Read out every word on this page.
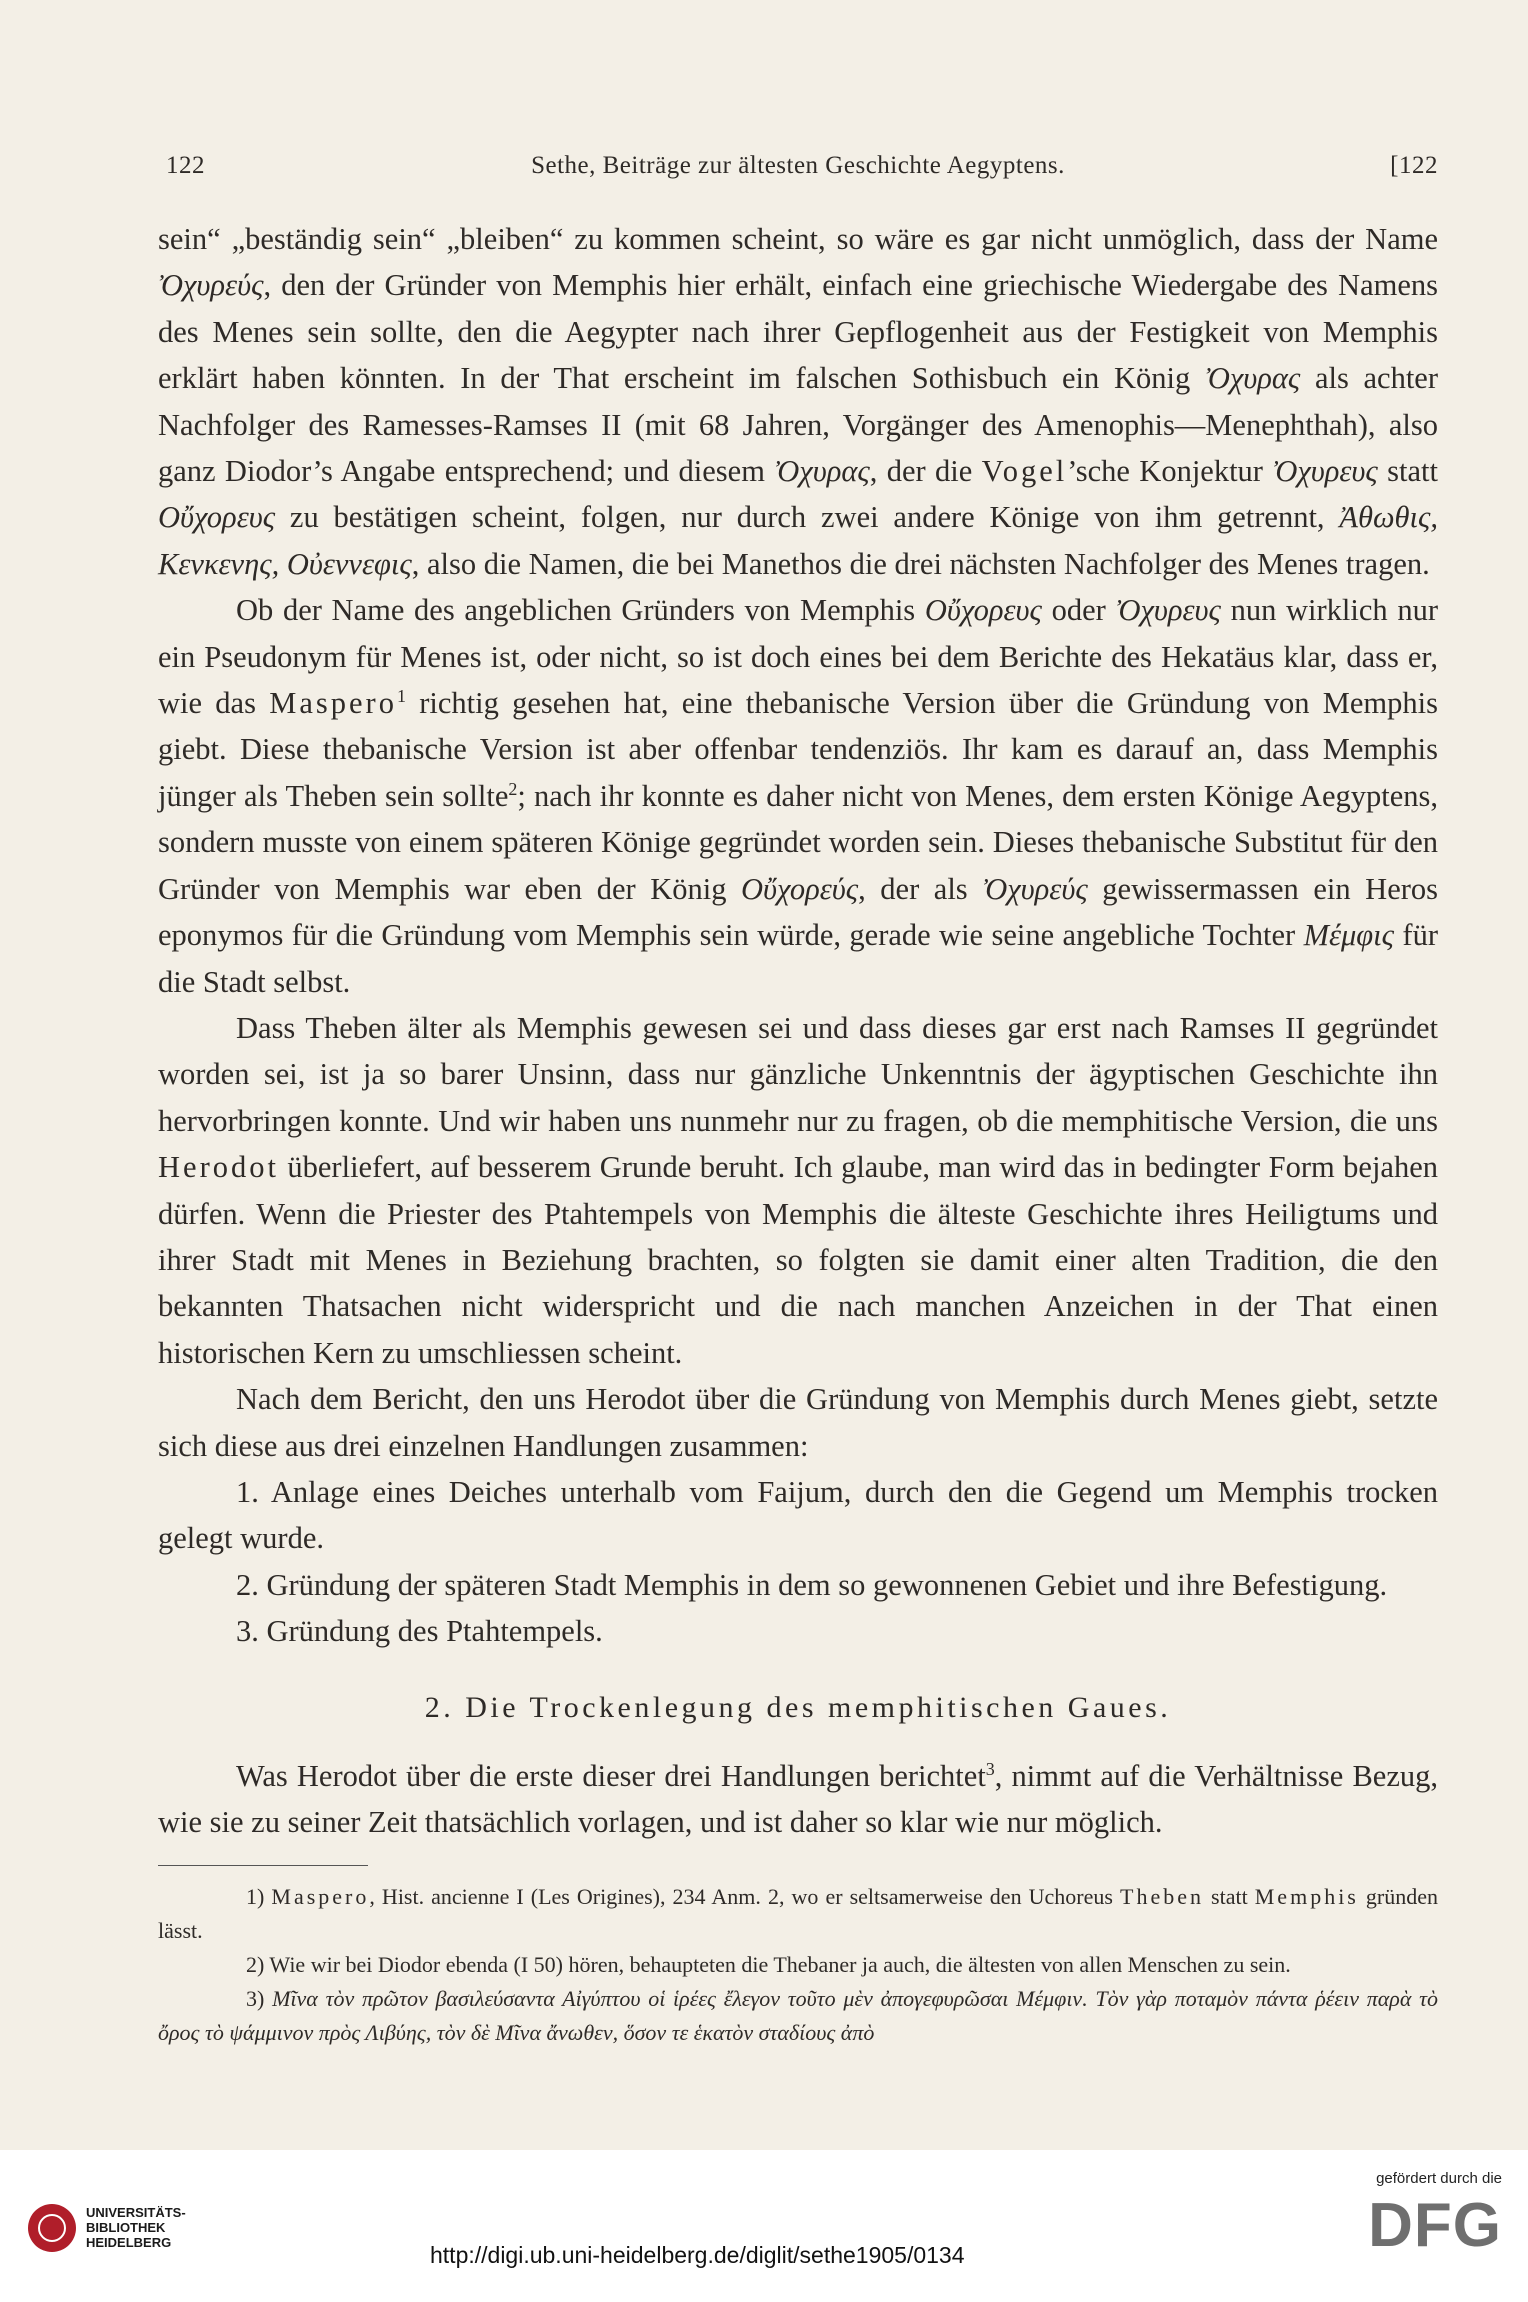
122	Sethe, Beiträge zur ältesten Geschichte Aegyptens.	[122

sein“ „beständig sein“ „bleiben“ zu kommen scheint, so wäre es gar nicht unmöglich, dass der Name Ὀχυρεύς, den der Gründer von Memphis hier erhält, einfach eine griechische Wiedergabe des Namens des Menes sein sollte, den die Aegypter nach ihrer Gepflogenheit aus der Festigkeit von Memphis erklärt haben könnten. In der That erscheint im falschen Sothisbuch ein König Ὀχυρας als achter Nachfolger des Ramesses-Ramses II (mit 68 Jahren, Vorgänger des Amenophis—Menephthah), also ganz Diodor’s Angabe entsprechend; und diesem Ὀχυρας, der die Vogel’sche Konjektur Ὀχυρευς statt Οὔχορευς zu bestätigen scheint, folgen, nur durch zwei andere Könige von ihm getrennt, Ἀθωθις, Κενκενης, Οὐεννεφις, also die Namen, die bei Manethos die drei nächsten Nachfolger des Menes tragen.

Ob der Name des angeblichen Gründers von Memphis Οὔχορευς oder Ὀχυρευς nun wirklich nur ein Pseudonym für Menes ist, oder nicht, so ist doch eines bei dem Berichte des Hekatäus klar, dass er, wie das Maspero$^1$ richtig gesehen hat, eine thebanische Version über die Gründung von Memphis giebt. Diese thebanische Version ist aber offenbar tendenziös. Ihr kam es darauf an, dass Memphis jünger als Theben sein sollte$^2$; nach ihr konnte es daher nicht von Menes, dem ersten Könige Aegyptens, sondern musste von einem späteren Könige gegründet worden sein. Dieses thebanische Substitut für den Gründer von Memphis war eben der König Οὔχορεύς, der als Ὀχυρεύς gewissermassen ein Heros eponymos für die Gründung vom Memphis sein würde, gerade wie seine angebliche Tochter Μέμφις für die Stadt selbst.

Dass Theben älter als Memphis gewesen sei und dass dieses gar erst nach Ramses II gegründet worden sei, ist ja so barer Unsinn, dass nur gänzliche Unkenntnis der ägyptischen Geschichte ihn hervorbringen konnte. Und wir haben uns nunmehr nur zu fragen, ob die memphitische Version, die uns Herodot überliefert, auf besserem Grunde beruht. Ich glaube, man wird das in bedingter Form bejahen dürfen. Wenn die Priester des Ptahtempels von Memphis die älteste Geschichte ihres Heiligtums und ihrer Stadt mit Menes in Beziehung brachten, so folgten sie damit einer alten Tradition, die den bekannten Thatsachen nicht widerspricht und die nach manchen Anzeichen in der That einen historischen Kern zu umschliessen scheint.

Nach dem Bericht, den uns Herodot über die Gründung von Memphis durch Menes giebt, setzte sich diese aus drei einzelnen Handlungen zusammen:

1. Anlage eines Deiches unterhalb vom Faijum, durch den die Gegend um Memphis trocken gelegt wurde.

2. Gründung der späteren Stadt Memphis in dem so gewonnenen Gebiet und ihre Befestigung.

3. Gründung des Ptahtempels.

2. Die Trockenlegung des memphitischen Gaues.

Was Herodot über die erste dieser drei Handlungen berichtet$^3$, nimmt auf die Verhältnisse Bezug, wie sie zu seiner Zeit thatsächlich vorlagen, und ist daher so klar wie nur möglich.

1) Maspero, Hist. ancienne I (Les Origines), 234 Anm. 2, wo er seltsamerweise den Uchoreus Theben statt Memphis gründen lässt.

2) Wie wir bei Diodor ebenda (I 50) hören, behaupteten die Thebaner ja auch, die ältesten von allen Menschen zu sein.

3) Μῖνα τὸν πρῶτον βασιλεύσαντα Αἰγύπτου οἱ ἱρέες ἔλεγον τοῦτο μὲν ἀπογεφυρῶσαι Μέμφιν. Τὸν γὰρ ποταμὸν πάντα ῥέειν παρὰ τὸ ὄρος τὸ ψάμμινον πρὸς Λιβύης, τὸν δὲ Μῖνα ἄνωθεν, ὅσον τε ἑκατὸν σταδίους ἀπὸ

UNIVERSITÄTS-
BIBLIOTHEK
HEIDELBERG	http://digi.ub.uni-heidelberg.de/diglit/sethe1905/0134
gefördert durch die
DFG
